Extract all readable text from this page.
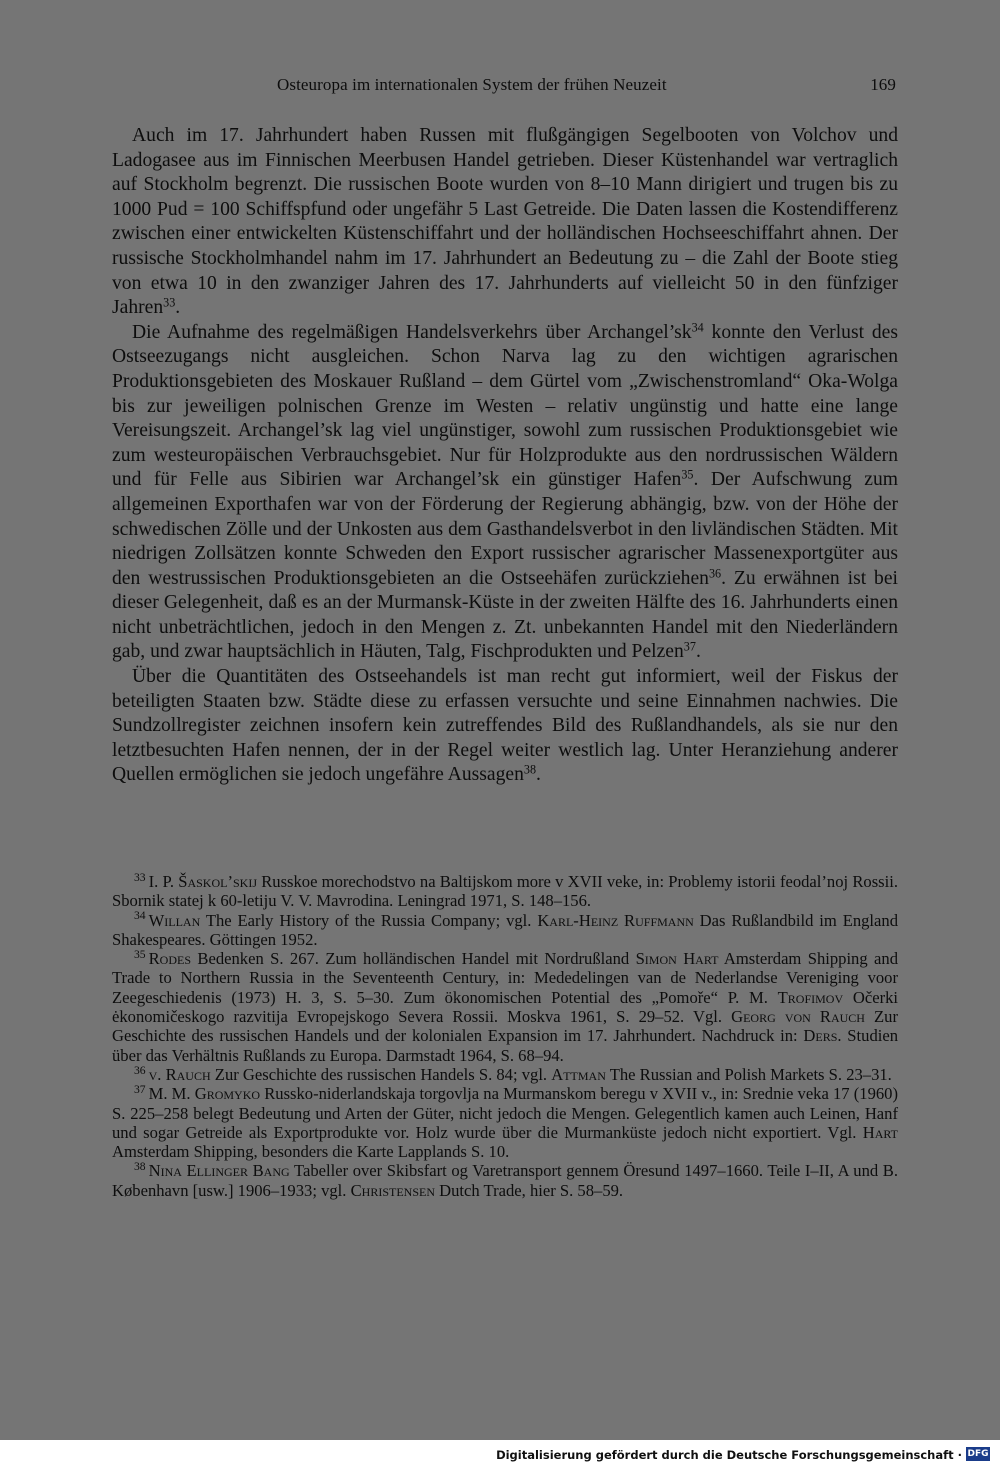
Osteuropa im internationalen System der frühen Neuzeit	169

Auch im 17. Jahrhundert haben Russen mit flußgängigen Segelbooten von Volchov und Ladogasee aus im Finnischen Meerbusen Handel getrieben. Dieser Küstenhandel war vertraglich auf Stockholm begrenzt. Die russischen Boote wurden von 8–10 Mann dirigiert und trugen bis zu 1000 Pud = 100 Schiffspfund oder ungefähr 5 Last Getreide. Die Daten lassen die Kostendifferenz zwischen einer entwickelten Küstenschiffahrt und der holländischen Hochseeschiffahrt ahnen. Der russische Stockholmhandel nahm im 17. Jahrhundert an Bedeutung zu – die Zahl der Boote stieg von etwa 10 in den zwanziger Jahren des 17. Jahrhunderts auf vielleicht 50 in den fünfziger Jahren$^{33}$.

Die Aufnahme des regelmäßigen Handelsverkehrs über $Archangel’sk^{34}$ konnte den Verlust des Ostseezugangs nicht ausgleichen. Schon Narva lag zu den wichtigen agrarischen Produktionsgebieten des Moskauer Rußland – dem Gürtel vom „Zwischenstromland“ Oka-Wolga bis zur jeweiligen polnischen Grenze im Westen – relativ ungünstig und hatte eine lange Vereisungszeit. Archangel’sk lag viel ungünstiger, sowohl zum russischen Produktionsgebiet wie zum westeuropäischen Verbrauchsgebiet. Nur für Holzprodukte aus den nordrussischen Wäldern und für Felle aus Sibirien war Archangel’sk ein günstiger Hafen$^{35}$. Der Aufschwung zum allgemeinen Exporthafen war von der Förderung der Regierung abhängig, bzw. von der Höhe der schwedischen Zölle und der Unkosten aus dem Gasthandelsverbot in den livländischen Städten. Mit niedrigen Zollsätzen konnte Schweden den Export russischer agrarischer Massenexportgüter aus den westrussischen Produktionsgebieten an die Ostseehäfen zurückziehen$^{36}$. Zu erwähnen ist bei dieser Gelegenheit, daß es an der Murmansk-Küste in der zweiten Hälfte des 16. Jahrhunderts einen nicht unbeträchtlichen, jedoch in den Mengen z. Zt. unbekannten Handel mit den Niederländern gab, und zwar hauptsächlich in Häuten, Talg, Fischprodukten und Pelzen$^{37}$.

Über die Quantitäten des Ostseehandels ist man recht gut informiert, weil der Fiskus der beteiligten Staaten bzw. Städte diese zu erfassen versuchte und seine Einnahmen nachwies. Die Sundzollregister zeichnen insofern kein zutreffendes Bild des Rußlandhandels, als sie nur den letztbesuchten Hafen nennen, der in der Regel weiter westlich lag. Unter Heranziehung anderer Quellen ermöglichen sie jedoch ungefähre Aussagen$^{38}$.

$^{33}$ I. P. Šaskol’skij Russkoe morechodstvo na Baltijskom more v XVII veke, in: Problemy istorii feodal’noj Rossii. Sbornik statej k 60-letiju V. V. Mavrodina. Leningrad 1971, S. 148–156.

$^{34}$ Willan The Early History of the Russia Company; vgl. Karl-Heinz Ruffmann Das Rußlandbild im England Shakespeares. Göttingen 1952.

$^{35}$ Rodes Bedenken S. 267. Zum holländischen Handel mit Nordrußland Simon Hart Amsterdam Shipping and Trade to Northern Russia in the Seventeenth Century, in: Mededelingen van de Nederlandse Vereniging voor Zeegeschiedenis (1973) H. 3, S. 5–30. Zum ökonomischen Potential des „Pomoře“ P. M. Trofimov Očerki ėkonomičeskogo razvitija Evropejskogo Severa Rossii. Moskva 1961, S. 29–52. Vgl. Georg von Rauch Zur Geschichte des russischen Handels und der kolonialen Expansion im 17. Jahrhundert. Nachdruck in: Ders. Studien über das Verhältnis Rußlands zu Europa. Darmstadt 1964, S. 68–94.

$^{36}$ v. Rauch Zur Geschichte des russischen Handels S. 84; vgl. Attman The Russian and Polish Markets S. 23–31.

$^{37}$ M. M. Gromyko Russko-niderlandskaja torgovlja na Murmanskom beregu v XVII v., in: Srednie veka 17 (1960) S. 225–258 belegt Bedeutung und Arten der Güter, nicht jedoch die Mengen. Gelegentlich kamen auch Leinen, Hanf und sogar Getreide als Exportprodukte vor. Holz wurde über die Murmanküste jedoch nicht exportiert. Vgl. Hart Amsterdam Shipping, besonders die Karte Lapplands S. 10.

$^{38}$ Nina Ellinger Bang Tabeller over Skibsfart og Varetransport gennem Öresund 1497–1660. Teile I–II, A und B. København [usw.] 1906–1933; vgl. Christensen Dutch Trade, hier S. 58–59.

Digitalisierung gefördert durch die Deutsche Forschungsgemeinschaft · DFG
